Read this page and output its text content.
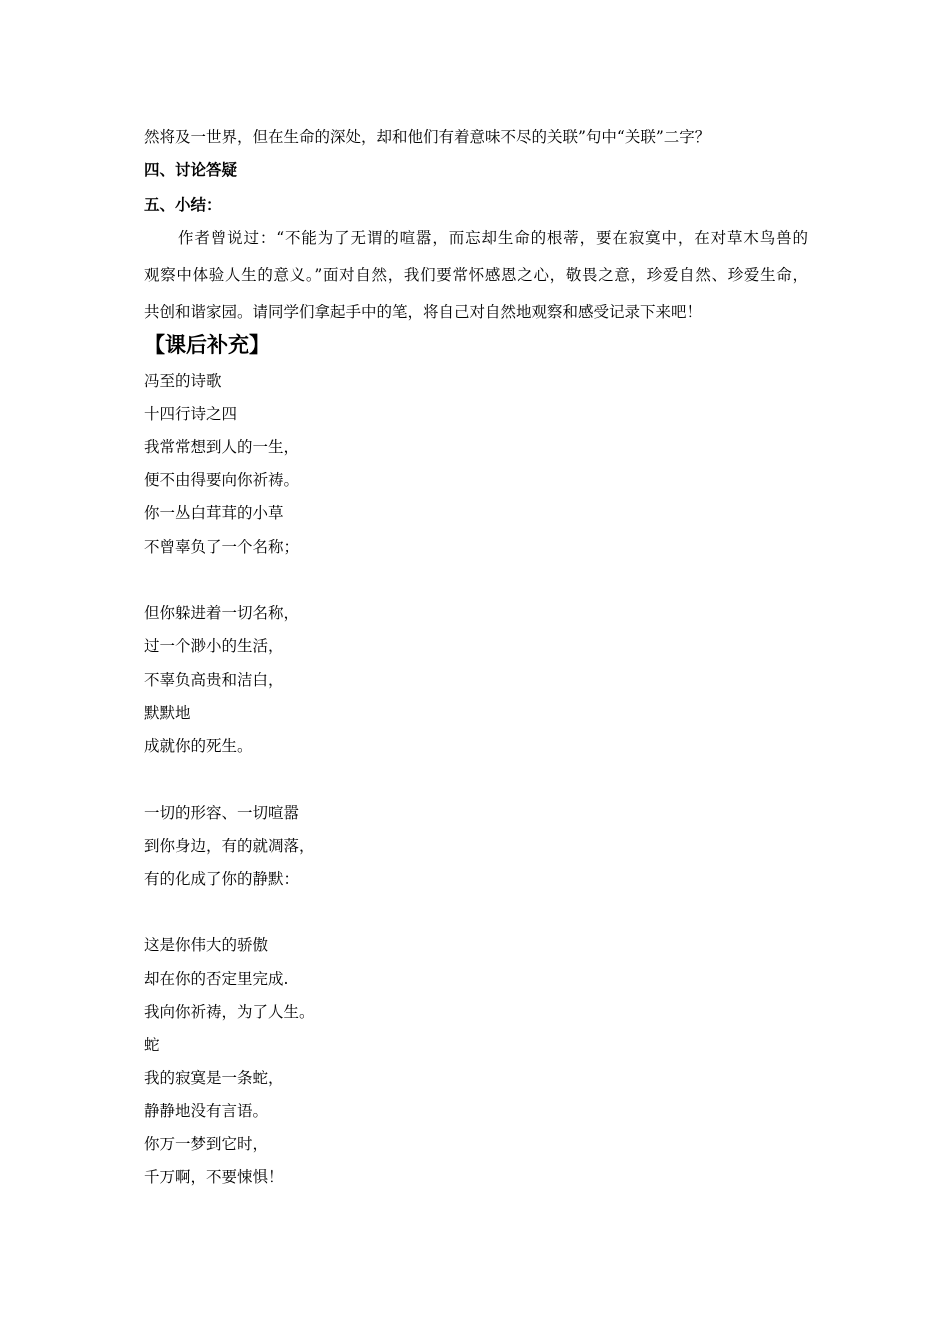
然将及一世界，但在生命的深处，却和他们有着意味不尽的关联”句中“关联”二字？
四、讨论答疑
五、小结：
作者曾说过：“不能为了无谓的喧嚣，而忘却生命的根蒂，要在寂寞中，在对草木鸟兽的
观察中体验人生的意义。”面对自然，我们要常怀感恩之心，敬畏之意，珍爱自然、珍爱生命，
共创和谐家园。请同学们拿起手中的笔，将自己对自然地观察和感受记录下来吧！
【课后补充】
冯至的诗歌
十四行诗之四
我常常想到人的一生，
便不由得要向你祈祷。
你一丛白茸茸的小草
不曾辜负了一个名称；
但你躲进着一切名称，
过一个渺小的生活，
不辜负高贵和洁白，
默默地
成就你的死生。
一切的形容、一切喧嚣
到你身边，有的就凋落，
有的化成了你的静默：
这是你伟大的骄傲
却在你的否定里完成.
我向你祈祷，为了人生。
蛇
我的寂寞是一条蛇，
静静地没有言语。
你万一梦到它时，
千万啊，不要悚惧！
